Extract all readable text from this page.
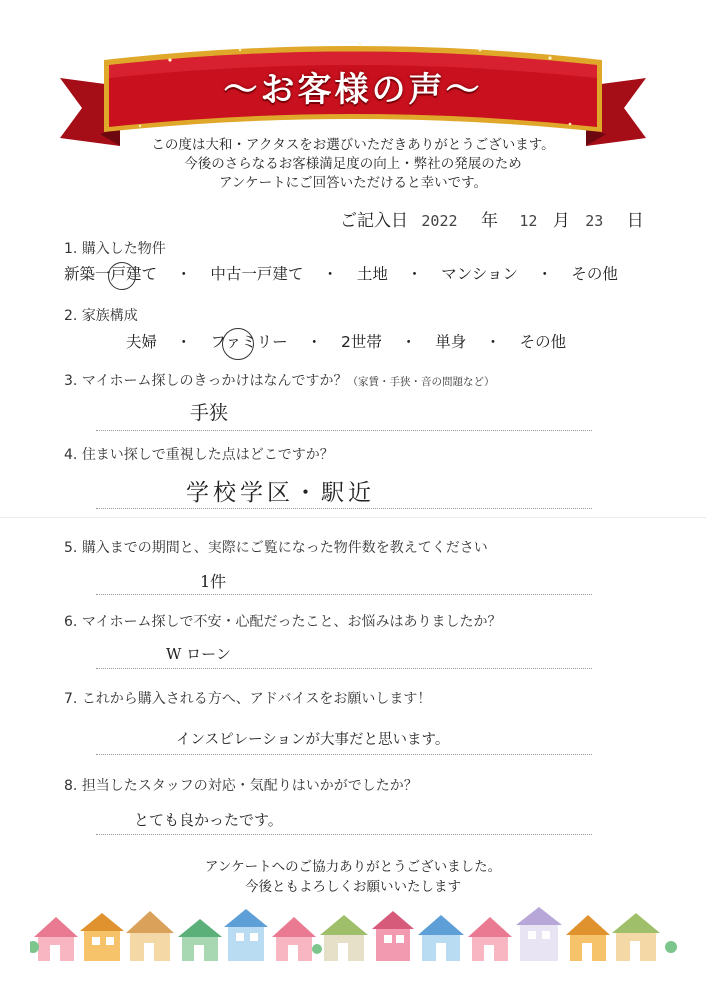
〜お客様の声〜
この度は大和・アクタスをお選びいただきありがとうございます。
今後のさらなるお客様満足度の向上・弊社の発展のため
アンケートにご回答いただけると幸いです。
ご記入日 2022 年 12 月 23 日
1. 購入した物件
新築一戸建て ・ 中古一戸建て ・ 土地 ・ マンション ・ その他
2. 家族構成
夫婦 ・ ファミリー ・ 2世帯 ・ 単身 ・ その他
3. マイホーム探しのきっかけはなんですか？（家賃・手狭・音の問題など）
手狭
4. 住まい探しで重視した点はどこですか？
学校学区・駅近
5. 購入までの期間と、実際にご覧になった物件数を教えてください
1件
6. マイホーム探しで不安・心配だったこと、お悩みはありましたか？
W ローン
7. これから購入される方へ、アドバイスをお願いします！
インスピレーションが大事だと思います。
8. 担当したスタッフの対応・気配りはいかがでしたか？
とても良かったです。
アンケートへのご協力ありがとうございました。
今後ともよろしくお願いいたします
